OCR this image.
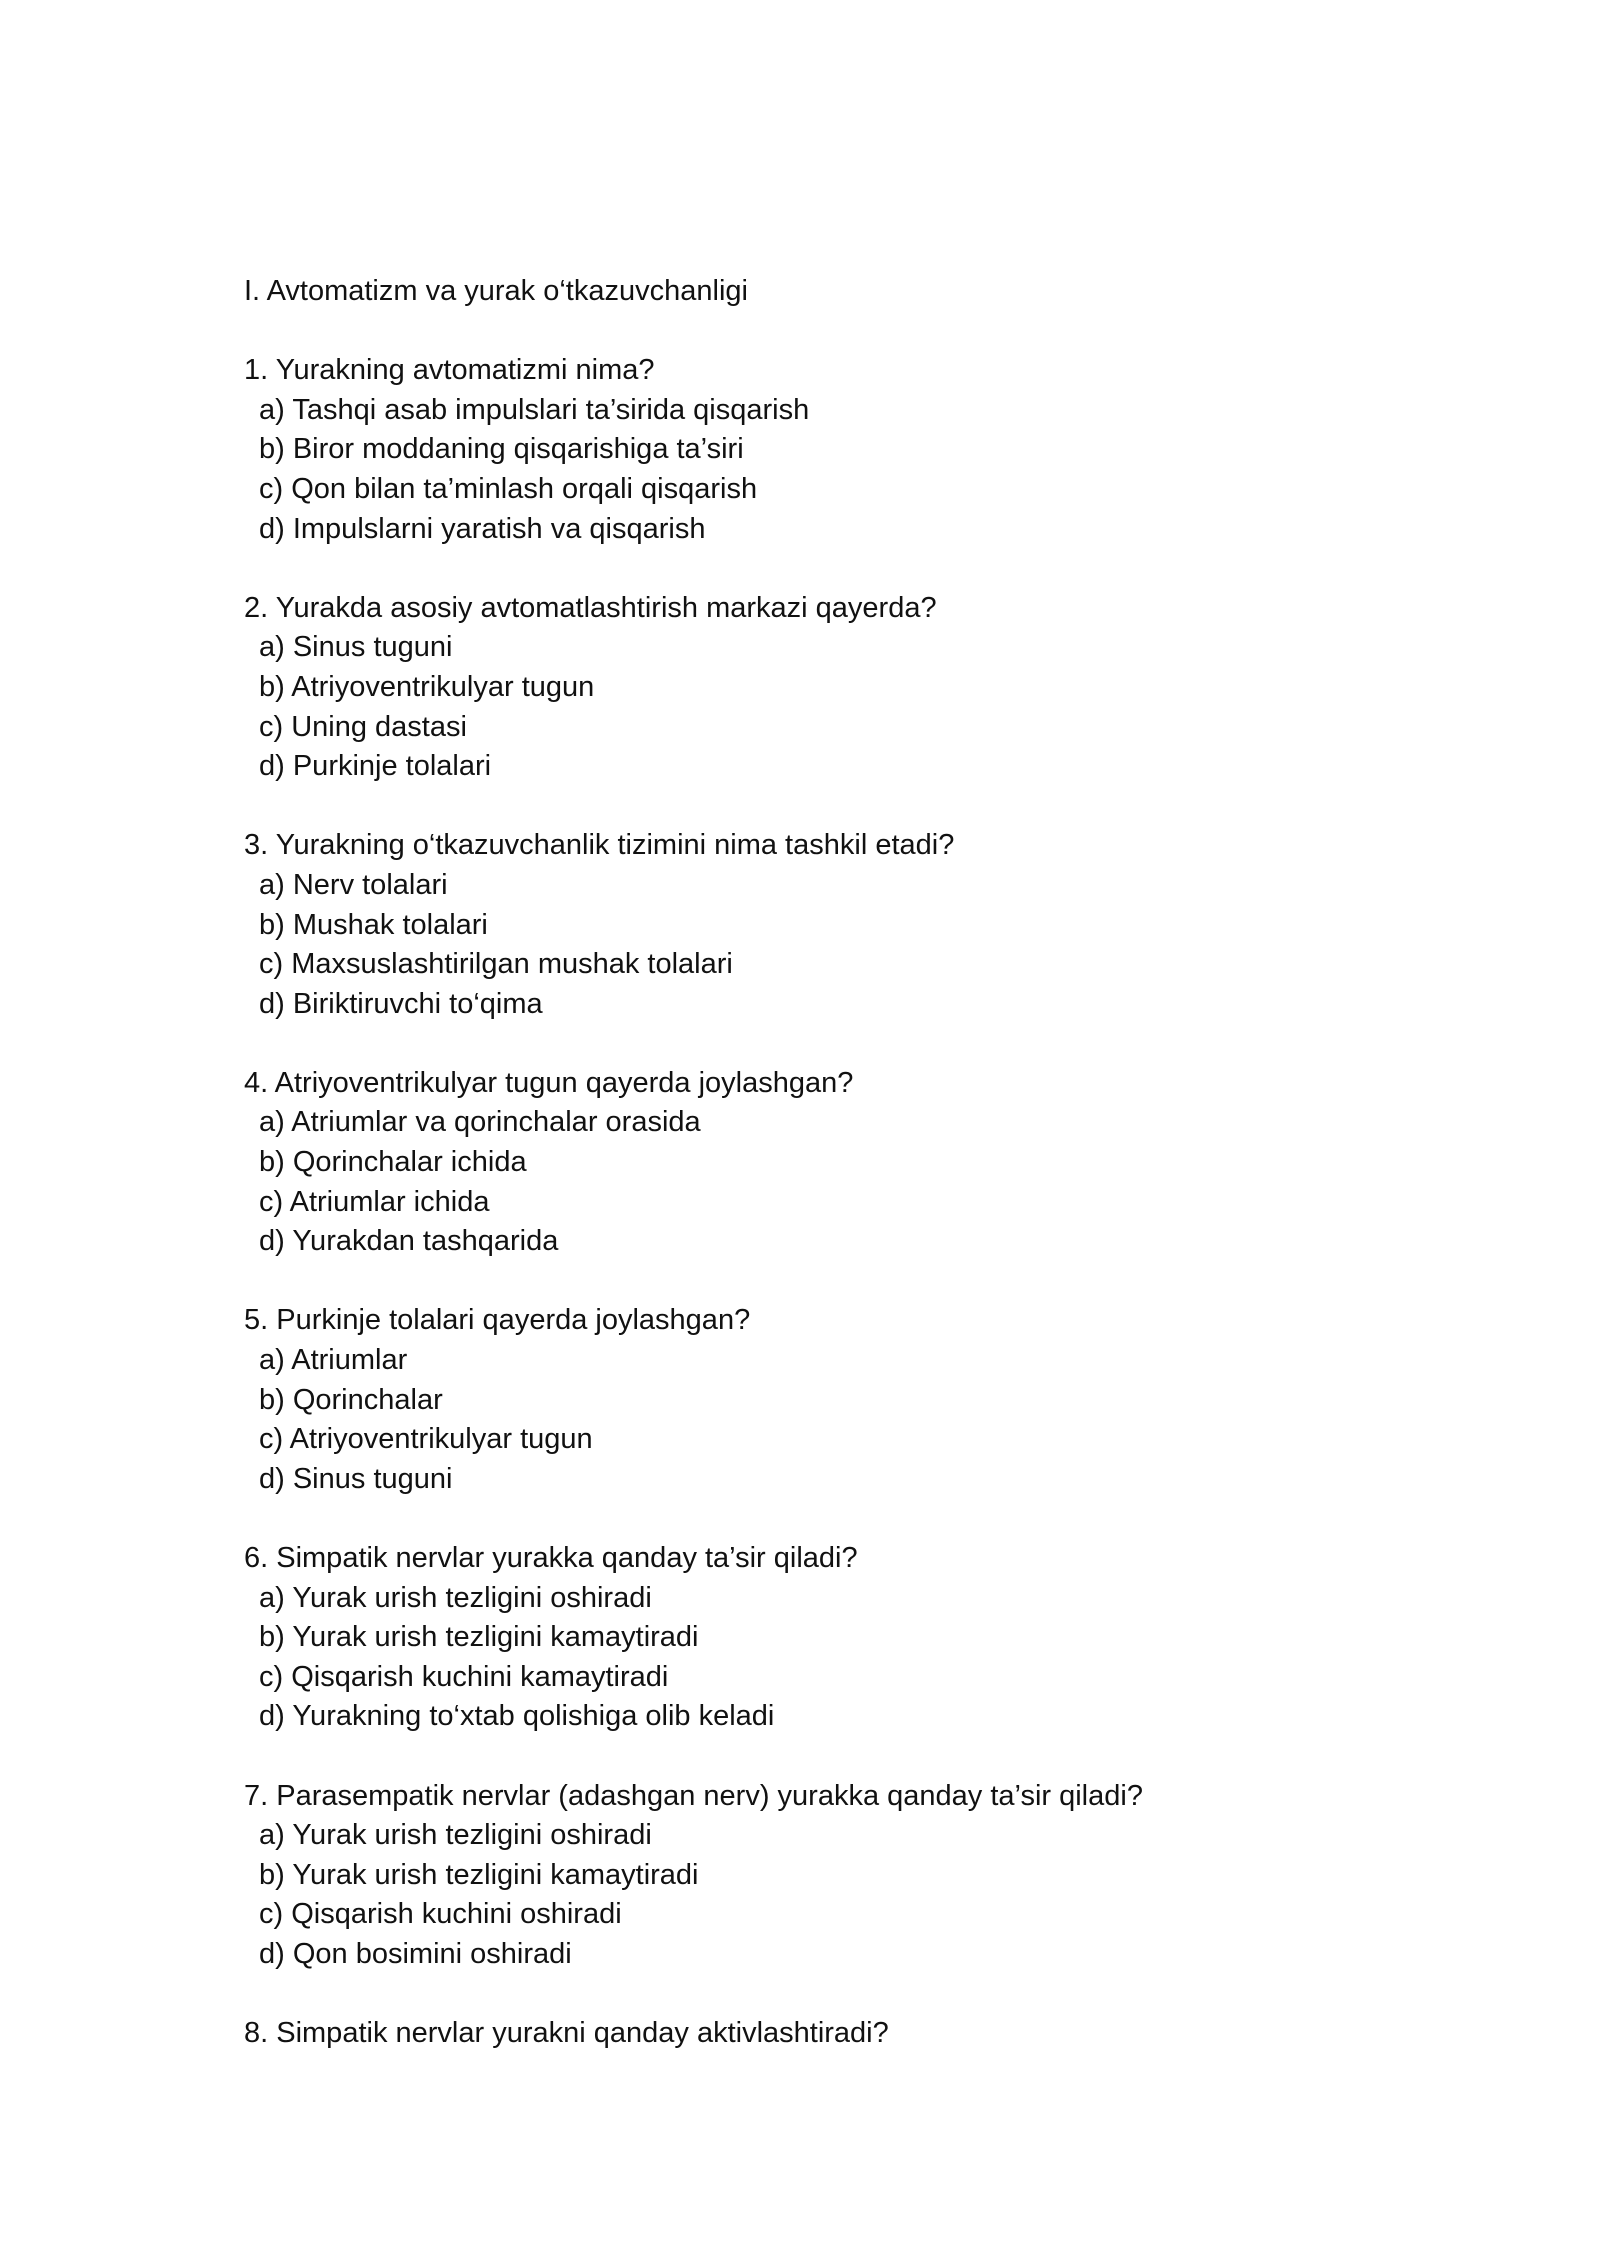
I. Avtomatizm va yurak o‘tkazuvchanligi
1. Yurakning avtomatizmi nima?
a) Tashqi asab impulslari ta’sirida qisqarish
b) Biror moddaning qisqarishiga ta’siri
c) Qon bilan ta’minlash orqali qisqarish
d) Impulslarni yaratish va qisqarish
2. Yurakda asosiy avtomatlashtirish markazi qayerda?
a) Sinus tuguni
b) Atriyoventrikulyar tugun
c) Uning dastasi
d) Purkinje tolalari
3. Yurakning o‘tkazuvchanlik tizimini nima tashkil etadi?
a) Nerv tolalari
b) Mushak tolalari
c) Maxsuslashtirilgan mushak tolalari
d) Biriktiruvchi to‘qima
4. Atriyoventrikulyar tugun qayerda joylashgan?
a) Atriumlar va qorinchalar orasida
b) Qorinchalar ichida
c) Atriumlar ichida
d) Yurakdan tashqarida
5. Purkinje tolalari qayerda joylashgan?
a) Atriumlar
b) Qorinchalar
c) Atriyoventrikulyar tugun
d) Sinus tuguni
6. Simpatik nervlar yurakka qanday ta’sir qiladi?
a) Yurak urish tezligini oshiradi
b) Yurak urish tezligini kamaytiradi
c) Qisqarish kuchini kamaytiradi
d) Yurakning to‘xtab qolishiga olib keladi
7. Parasempatik nervlar (adashgan nerv) yurakka qanday ta’sir qiladi?
a) Yurak urish tezligini oshiradi
b) Yurak urish tezligini kamaytiradi
c) Qisqarish kuchini oshiradi
d) Qon bosimini oshiradi
8. Simpatik nervlar yurakni qanday aktivlashtiradi?
